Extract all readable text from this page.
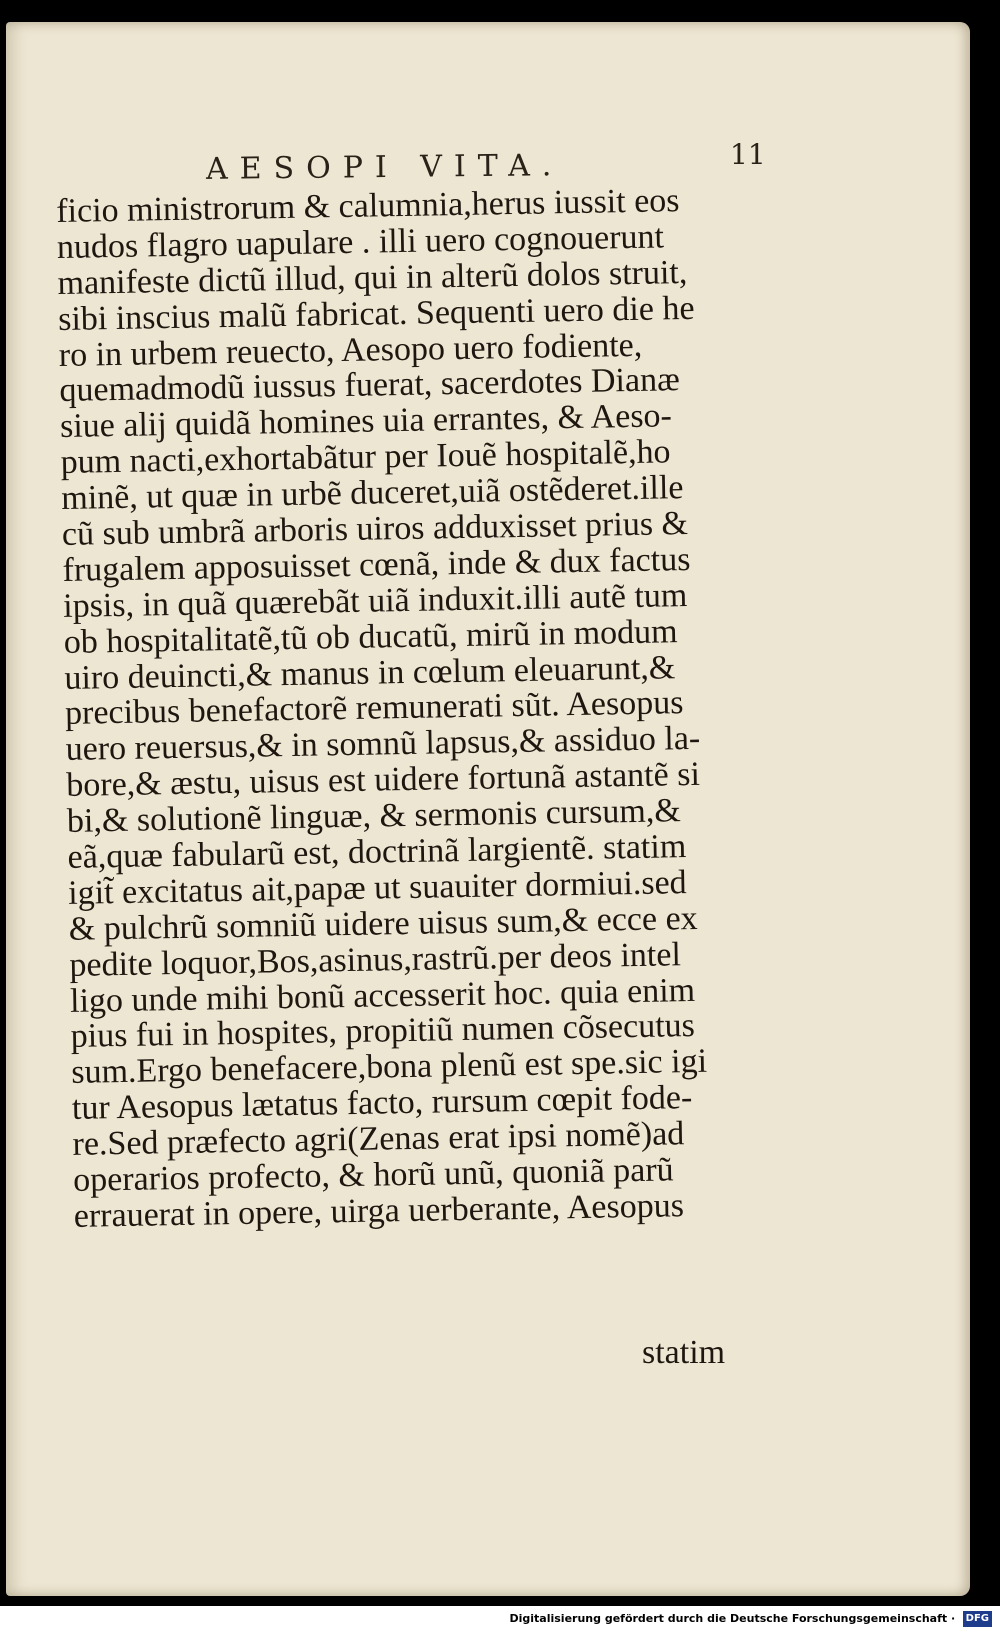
AESOPI VITA.	11
ficio ministrorum & calumnia,herus iussit eos
nudos flagro uapulare . illi uero cognouerunt
manifeste dictũ illud, qui in alterũ dolos struit,
sibi inscius malũ fabricat. Sequenti uero die he
ro in urbem reuecto, Aesopo uero fodiente,
quemadmodũ iussus fuerat, sacerdotes Dianæ
siue alij quidã homines uia errantes, & Aeso-
pum nacti,exhortabãtur per Iouẽ hospitalẽ,ho
minẽ, ut quæ in urbẽ duceret,uiã ostẽderet.ille
cũ sub umbrã arboris uiros adduxisset prius &
frugalem apposuisset cœnã, inde & dux factus
ipsis, in quã quærebãt uiã induxit.illi autẽ tum
ob hospitalitatẽ,tũ ob ducatũ, mirũ in modum
uiro deuincti,& manus in cœlum eleuarunt,&
precibus benefactorẽ remunerati sũt. Aesopus
uero reuersus,& in somnũ lapsus,& assiduo la-
bore,& æstu, uisus est uidere fortunã astantẽ si
bi,& solutionẽ linguæ, & sermonis cursum,&
eã,quæ fabularũ est, doctrinã largientẽ. statim
igit̃ excitatus ait,papæ ut suauiter dormiui.sed
& pulchrũ somniũ uidere uisus sum,& ecce ex
pedite loquor,Bos,asinus,rastrũ.per deos intel
ligo unde mihi bonũ accesserit hoc. quia enim
pius fui in hospites, propitiũ numen cõsecutus
sum.Ergo benefacere,bona plenũ est spe.sic igi
tur Aesopus lætatus facto, rursum cœpit fode-
re.Sed præfecto agri(Zenas erat ipsi nomẽ)ad
operarios profecto, & horũ unũ, quoniã parũ
errauerat in opere, uirga uerberante, Aesopus
statim
Digitalisierung gefördert durch die Deutsche Forschungsgemeinschaft · DFG
